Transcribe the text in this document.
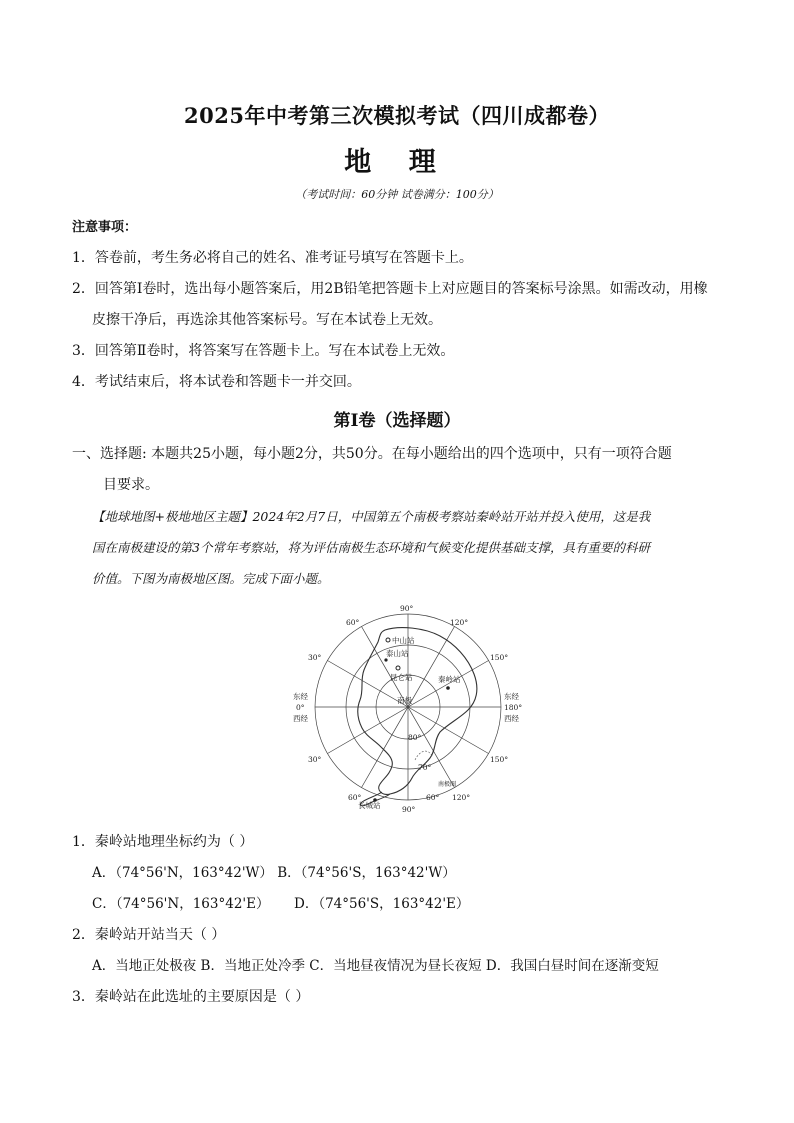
2025年中考第三次模拟考试（四川成都卷）
地 理
（考试时间：60分钟 试卷满分：100分）
注意事项：
1．答卷前，考生务必将自己的姓名、准考证号填写在答题卡上。
2．回答第Ⅰ卷时，选出每小题答案后，用2B铅笔把答题卡上对应题目的答案标号涂黑。如需改动，用橡
皮擦干净后，再选涂其他答案标号。写在本试卷上无效。
3．回答第Ⅱ卷时，将答案写在答题卡上。写在本试卷上无效。
4．考试结束后，将本试卷和答题卡一并交回。
第Ⅰ卷（选择题）
一、选择题: 本题共25小题，每小题2分，共50分。在每小题给出的四个选项中，只有一项符合题
目要求。
【地球地图+极地地区主题】2024年2月7日，中国第五个南极考察站秦岭站开站并投入使用，这是我
国在南极建设的第3个常年考察站，将为评估南极生态环境和气候变化提供基础支撑，具有重要的科研
价值。下图为南极地区图。完成下面小题。
90°
60°	120°
30°	150°
东经
0°
西经
东经
180°
西经
30°	150°
60°
90°
60° 120°
80°
70°
中山站
泰山站
昆仑站	秦岭站
南极
长城站
南极圈
1．秦岭站地理坐标约为（ ）
A．（74°56'N，163°42'W） B．（74°56'S，163°42'W）
C．（74°56'N，163°42'E） D．（74°56'S，163°42'E）
2．秦岭站开站当天（ ）
A．当地正处极夜 B．当地正处冷季 C．当地昼夜情况为昼长夜短 D．我国白昼时间在逐渐变短
3．秦岭站在此选址的主要原因是（ ）
